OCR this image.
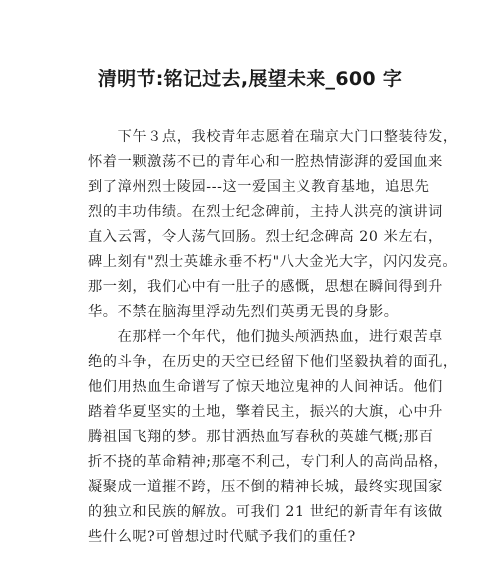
清明节:铭记过去,展望未来_600 字
　　下午３点，我校青年志愿着在瑞京大门口整装待发，
怀着一颗激荡不已的青年心和一腔热情澎湃的爱国血来
到了漳州烈士陵园---这一爱国主义教育基地，追思先
烈的丰功伟绩。在烈士纪念碑前，主持人洪亮的演讲词
直入云霄，令人荡气回肠。烈士纪念碑高 20 米左右，
碑上刻有"烈士英雄永垂不朽"八大金光大字，闪闪发亮。
那一刻，我们心中有一肚子的感慨，思想在瞬间得到升
华。不禁在脑海里浮动先烈们英勇无畏的身影。
　　在那样一个年代，他们抛头颅洒热血，进行艰苦卓
绝的斗争，在历史的天空已经留下他们坚毅执着的面孔，
他们用热血生命谱写了惊天地泣鬼神的人间神话。他们
踏着华夏坚实的土地，擎着民主，振兴的大旗，心中升
腾祖国飞翔的梦。那甘洒热血写春秋的英雄气概;那百
折不挠的革命精神;那毫不利己，专门利人的高尚品格，
凝聚成一道摧不跨，压不倒的精神长城，最终实现国家
的独立和民族的解放。可我们 21 世纪的新青年有该做
些什么呢?可曾想过时代赋予我们的重任?
